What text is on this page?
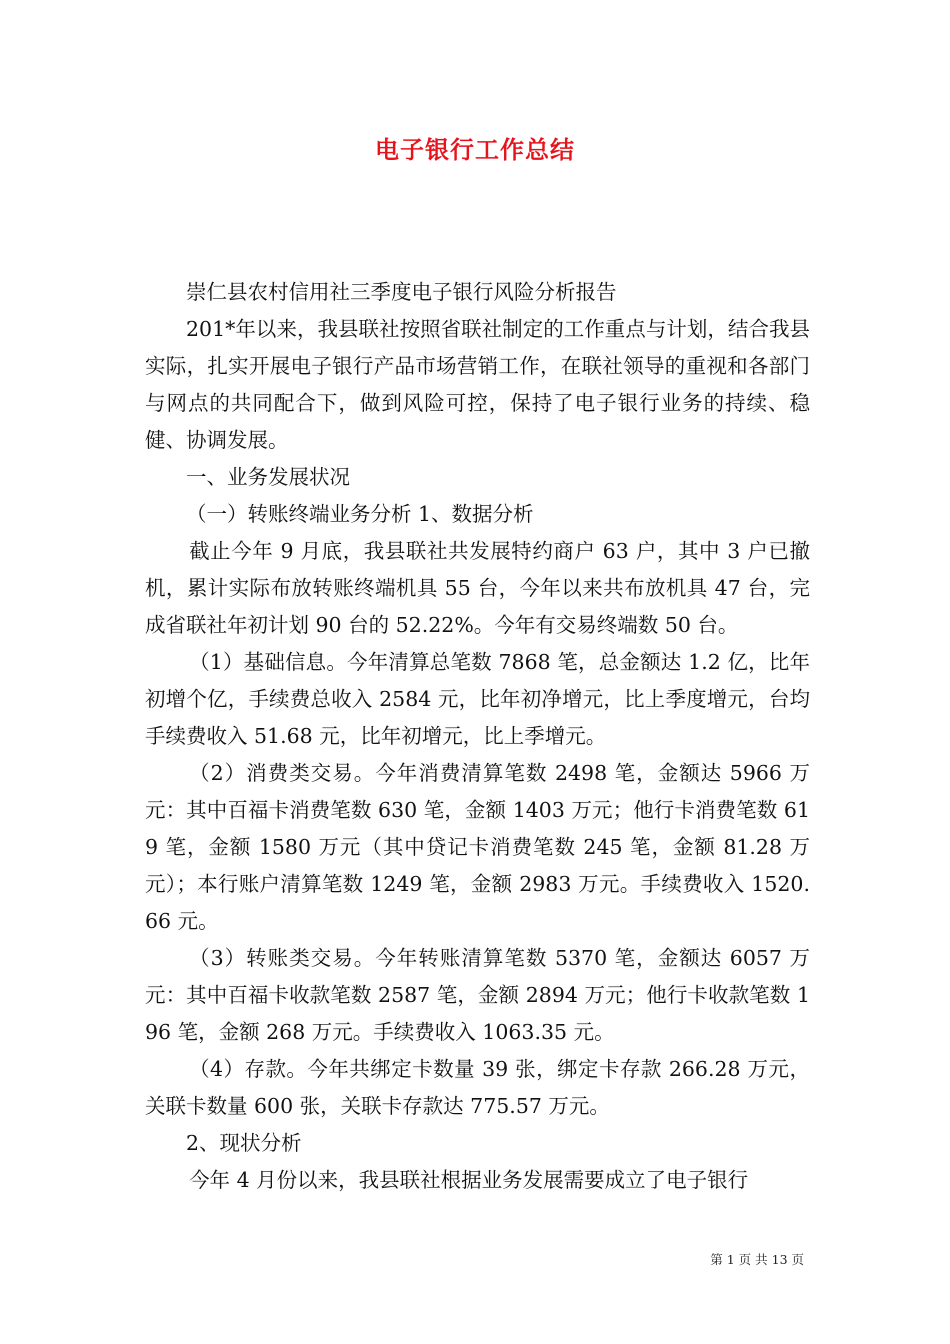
电子银行工作总结

崇仁县农村信用社三季度电子银行风险分析报告

201*年以来，我县联社按照省联社制定的工作重点与计划，结合我县实际，扎实开展电子银行产品市场营销工作，在联社领导的重视和各部门与网点的共同配合下，做到风险可控，保持了电子银行业务的持续、稳健、协调发展。

一、业务发展状况

（一）转账终端业务分析 1、数据分析

截止今年 9 月底，我县联社共发展特约商户 63 户，其中 3 户已撤机，累计实际布放转账终端机具 55 台，今年以来共布放机具 47 台，完成省联社年初计划 90 台的 52.22%。今年有交易终端数 50 台。

（1）基础信息。今年清算总笔数 7868 笔，总金额达 1.2 亿，比年初增个亿，手续费总收入 2584 元，比年初净增元，比上季度增元，台均手续费收入 51.68 元，比年初增元，比上季增元。

（2）消费类交易。今年消费清算笔数 2498 笔，金额达 5966 万元：其中百福卡消费笔数 630 笔，金额 1403 万元；他行卡消费笔数 619 笔，金额 1580 万元（其中贷记卡消费笔数 245 笔，金额 81.28 万元）；本行账户清算笔数 1249 笔，金额 2983 万元。手续费收入 1520.66 元。

（3）转账类交易。今年转账清算笔数 5370 笔，金额达 6057 万元：其中百福卡收款笔数 2587 笔，金额 2894 万元；他行卡收款笔数 196 笔，金额 268 万元。手续费收入 1063.35 元。

（4）存款。今年共绑定卡数量 39 张，绑定卡存款 266.28 万元，关联卡数量 600 张，关联卡存款达 775.57 万元。

2、现状分析

今年 4 月份以来，我县联社根据业务发展需要成立了电子银行

第 1 页 共 13 页
